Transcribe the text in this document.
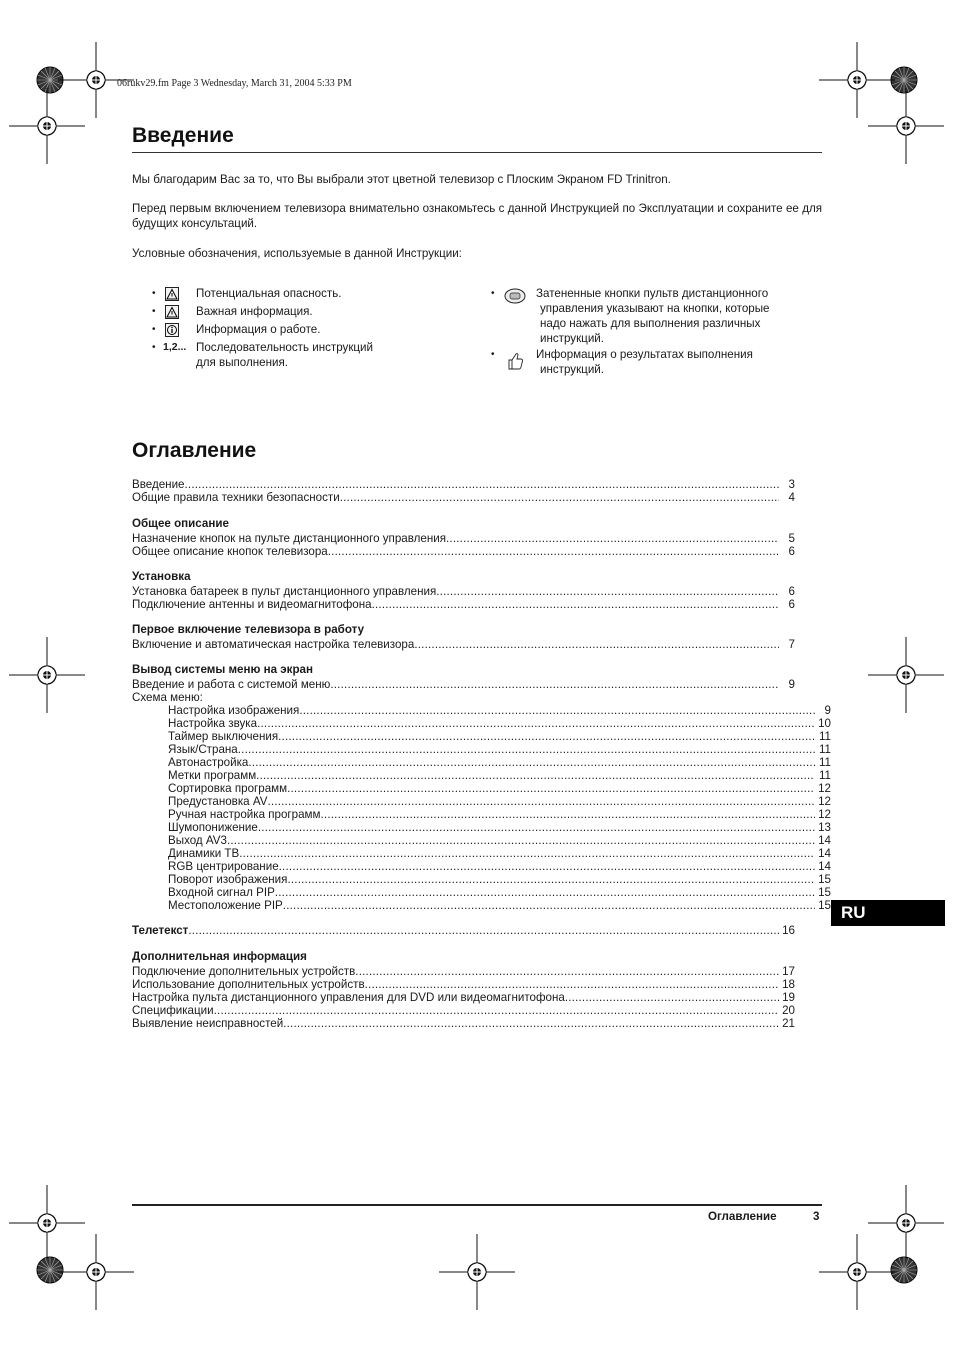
06rukv29.fm Page 3 Wednesday, March 31, 2004 5:33 PM
Введение
Мы благодарим Вас за то, что Вы выбрали этот цветной телевизор с Плоским Экраном FD Trinitron.
Перед первым включением телевизора внимательно ознакомьтесь с данной Инструкцией по Эксплуатации и сохраните ее для будущих консультаций.
Условные обозначения, используемые в данной Инструкции:
•	Потенциальная опасность.
•	Важная информация.
•	Информация о работе.
• 1,2... Последовательность инструкций
для выполнения.
•	Затененные кнопки пультв дистанционного
управления указывают на кнопки, которые
надо нажать для выполнения различных
инструкций.
•	Информация о результатах выполнения
инструкций.
Оглавление
Введение .....	3
Общие правила техники безопасности .....	4
Общее описание
Назначение кнопок на пульте дистанционного управления .....	5
Общее описание кнопок телевизора .....	6
Установка
Установка батареек в пульт дистанционного управления .....	6
Подключение антенны и видеомагнитофона .....	6
Первое включение телевизора в работу
Включение и автоматическая настройка телевизора .....	7
Вывод системы меню на экран
Введение и работа с системой меню .....	9
Схема меню:
Настройка изображения .....	9
Настройка звука .....	10
Таймер выключения .....	11
Язык/Страна .....	11
Автонастройка .....	11
Метки программ .....	11
Сортировка программ .....	12
Предустановка AV .....	12
Ручная настройка программ .....	12
Шумопонижение .....	13
Выход AV3 .....	14
Динамики ТВ .....	14
RGB центрирование .....	14
Поворот изображения .....	15
Входной сигнал PIP .....	15
Местоположение PIP .....	15
Телетекст .....	16
Дополнительная информация
Подключение дополнительных устройств .....	17
Использование дополнительных устройств .....	18
Настройка пульта дистанционного управления для DVD или видеомагнитофона .....	19
Спецификации .....	20
Выявление неисправностей .....	21
RU
Оглавление	3
